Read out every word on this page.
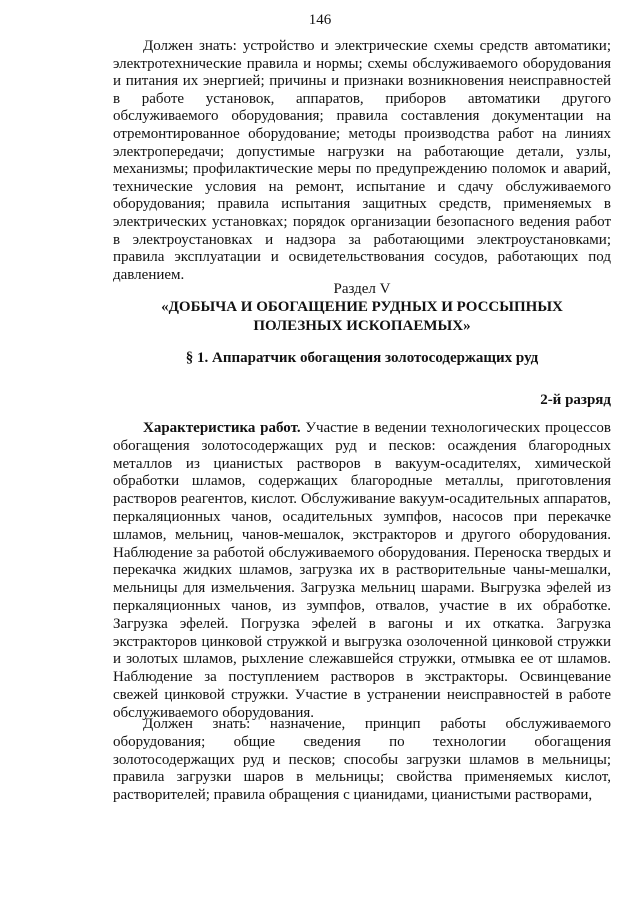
146
Должен знать: устройство и электрические схемы средств автоматики; электротехнические правила и нормы; схемы обслуживаемого оборудования и питания их энергией; причины и признаки возникновения неисправностей в работе установок, аппаратов, приборов автоматики другого обслуживаемого оборудования; правила составления документации на отремонтированное оборудование; методы производства работ на линиях электропередачи; допустимые нагрузки на работающие детали, узлы, механизмы; профилактические меры по предупреждению поломок и аварий, технические условия на ремонт, испытание и сдачу обслуживаемого оборудования; правила испытания защитных средств, применяемых в электрических установках; порядок организации безопасного ведения работ в электроустановках и надзора за работающими электроустановками; правила эксплуатации и освидетельствования сосудов, работающих под давлением.
Раздел V
«ДОБЫЧА И ОБОГАЩЕНИЕ РУДНЫХ И РОССЫПНЫХ
ПОЛЕЗНЫХ ИСКОПАЕМЫХ»
§ 1. Аппаратчик обогащения золотосодержащих руд
2-й разряд
Характеристика работ. Участие в ведении технологических процессов обогащения золотосодержащих руд и песков: осаждения благородных металлов из цианистых растворов в вакуум-осадителях, химической обработки шламов, содержащих благородные металлы, приготовления растворов реагентов, кислот. Обслуживание вакуум-осадительных аппаратов, перкаляционных чанов, осадительных зумпфов, насосов при перекачке шламов, мельниц, чанов-мешалок, экстракторов и другого оборудования. Наблюдение за работой обслуживаемого оборудования. Переноска твердых и перекачка жидких шламов, загрузка их в растворительные чаны-мешалки, мельницы для измельчения. Загрузка мельниц шарами. Выгрузка эфелей из перкаляционных чанов, из зумпфов, отвалов, участие в их обработке. Загрузка эфелей. Погрузка эфелей в вагоны и их откатка. Загрузка экстракторов цинковой стружкой и выгрузка озолоченной цинковой стружки и золотых шламов, рыхление слежавшейся стружки, отмывка ее от шламов. Наблюдение за поступлением растворов в экстракторы. Освинцевание свежей цинковой стружки. Участие в устранении неисправностей в работе обслуживаемого оборудования.
Должен знать: назначение, принцип работы обслуживаемого оборудования; общие сведения по технологии обогащения золотосодержащих руд и песков; способы загрузки шламов в мельницы; правила загрузки шаров в мельницы; свойства применяемых кислот, растворителей; правила обращения с цианидами, цианистыми растворами,
